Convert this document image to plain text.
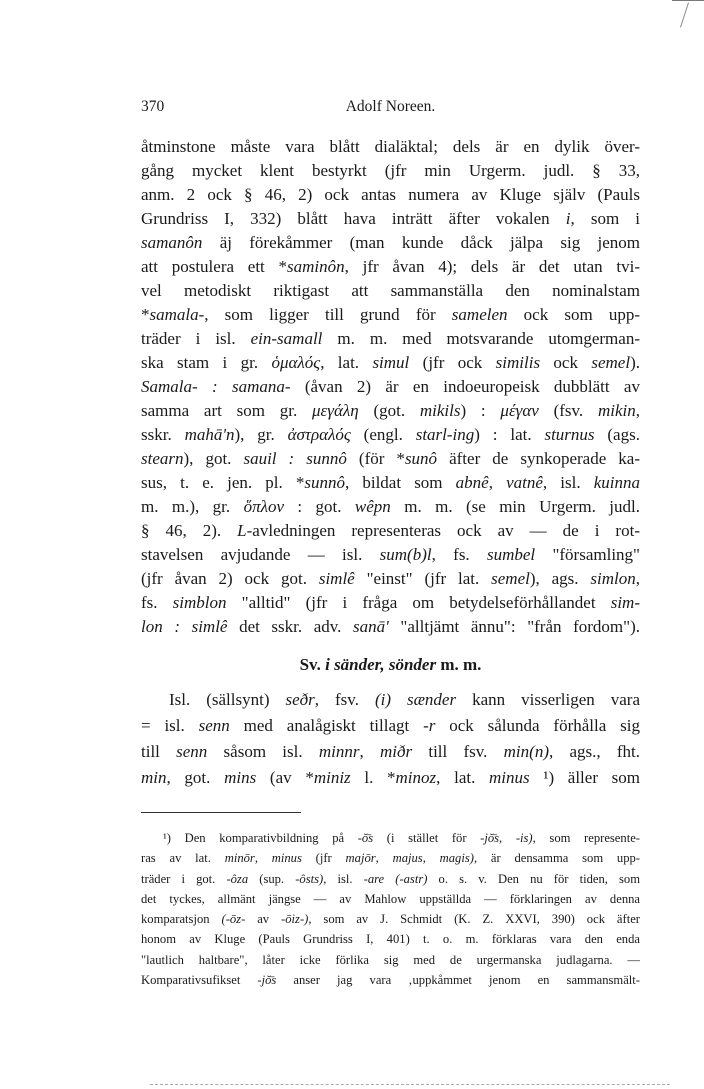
370	Adolf Noreen.
åtminstone måste vara blått dialäktal; dels är en dylik över-
gång mycket klent bestyrkt (jfr min Urgerm. judl. § 33,
anm. 2 ock § 46, 2) ock antas numera av Kluge själv (Pauls
Grundriss I, 332) blått hava inträtt äfter vokalen i, som i
samanôn äj förekåmmer (man kunde dåck jälpa sig jenom
att postulera ett *saminôn, jfr åvan 4); dels är det utan tvi-
vel metodiskt riktigast att sammanställa den nominalstam
*samala-, som ligger till grund för samelen ock som upp-
träder i isl. ein-samall m. m. med motsvarande utomgerman-
ska stam i gr. ὁμαλός, lat. simul (jfr ock similis ock semel).
Samala- : samana- (åvan 2) är en indoeuropeisk dubblätt av
samma art som gr. μεγάλη (got. mikils) : μέγαν (fsv. mikin,
sskr. mahā'n), gr. ἀστραλός (engl. starl-ing) : lat. sturnus (ags.
stearn), got. sauil : sunnô (för *sunô äfter de synkoperade ka-
sus, t. e. jen. pl. *sunnô, bildat som abnê, vatnê, isl. kuinna
m. m.), gr. ὅπλον : got. wêpn m. m. (se min Urgerm. judl.
§ 46, 2). L-avledningen representeras ock av — de i rot-
stavelsen avjudande — isl. sum(b)l, fs. sumbel "församling"
(jfr åvan 2) ock got. simlê "einst" (jfr lat. semel), ags. simlon,
fs. simblon "alltid" (jfr i fråga om betydelseförhållandet sim-
lon : simlê det sskr. adv. sanā' "alltjämt ännu": "från fordom").
Sv. i sänder, sönder m. m.
Isl. (sällsynt) seðr, fsv. (i) sænder kann visserligen vara
= isl. senn med analågiskt tillagt -r ock sålunda förhålla sig
till senn såsom isl. minnr, miðr till fsv. min(n), ags., fht.
min, got. mins (av *miniz l. *minoz, lat. minus ¹) äller som
¹) Den komparativbildning på -ŏ̄s (i stället för -jŏ̄s, -is), som represente-
ras av lat. minōr, minus (jfr majōr, majus, magis), är densamma som upp-
träder i got. -ôza (sup. -ôsts), isl. -are (-astr) o. s. v. Den nu för tiden, som
det tyckes, allmänt jängse — av Mahlow uppställda — förklaringen av denna
komparatsjon (-ōz- av -ōiz-), som av J. Schmidt (K. Z. XXVI, 390) ock äfter
honom av Kluge (Pauls Grundriss I, 401) t. o. m. förklaras vara den enda
"lautlich haltbare", låter icke förlika sig med de urgermanska judlagarna. —
Komparativsufikset -jŏ̄s anser jag vara ‚uppkåmmet jenom en sammansmält-
